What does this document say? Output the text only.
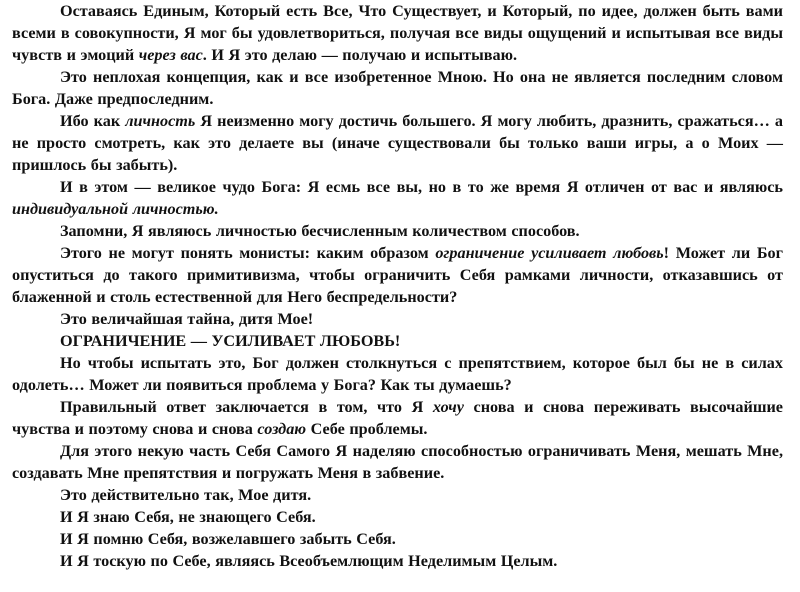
Оставаясь Единым, Который есть Все, Что Существует, и Который, по идее, должен быть вами всеми в совокупности, Я мог бы удовлетвориться, получая все виды ощущений и испытывая все виды чувств и эмоций через вас. И Я это делаю — получаю и испытываю.

Это неплохая концепция, как и все изобретенное Мною. Но она не является последним словом Бога. Даже предпоследним.

Ибо как личность Я неизменно могу достичь большего. Я могу любить, дразнить, сражаться… а не просто смотреть, как это делаете вы (иначе существовали бы только ваши игры, а о Моих — пришлось бы забыть).

И в этом — великое чудо Бога: Я есмь все вы, но в то же время Я отличен от вас и являюсь индивидуальной личностью.

Запомни, Я являюсь личностью бесчисленным количеством способов.

Этого не могут понять монисты: каким образом ограничение усиливает любовь! Может ли Бог опуститься до такого примитивизма, чтобы ограничить Себя рамками личности, отказавшись от блаженной и столь естественной для Него беспредельности?

Это величайшая тайна, дитя Мое!

ОГРАНИЧЕНИЕ — УСИЛИВАЕТ ЛЮБОВЬ!

Но чтобы испытать это, Бог должен столкнуться с препятствием, которое был бы не в силах одолеть… Может ли появиться проблема у Бога? Как ты думаешь?

Правильный ответ заключается в том, что Я хочу снова и снова переживать высочайшие чувства и поэтому снова и снова создаю Себе проблемы.

Для этого некую часть Себя Самого Я наделяю способностью ограничивать Меня, мешать Мне, создавать Мне препятствия и погружать Меня в забвение.

Это действительно так, Мое дитя.

И Я знаю Себя, не знающего Себя.

И Я помню Себя, возжелавшего забыть Себя.

И Я тоскую по Себе, являясь Всеобъемлющим Неделимым Целым.
